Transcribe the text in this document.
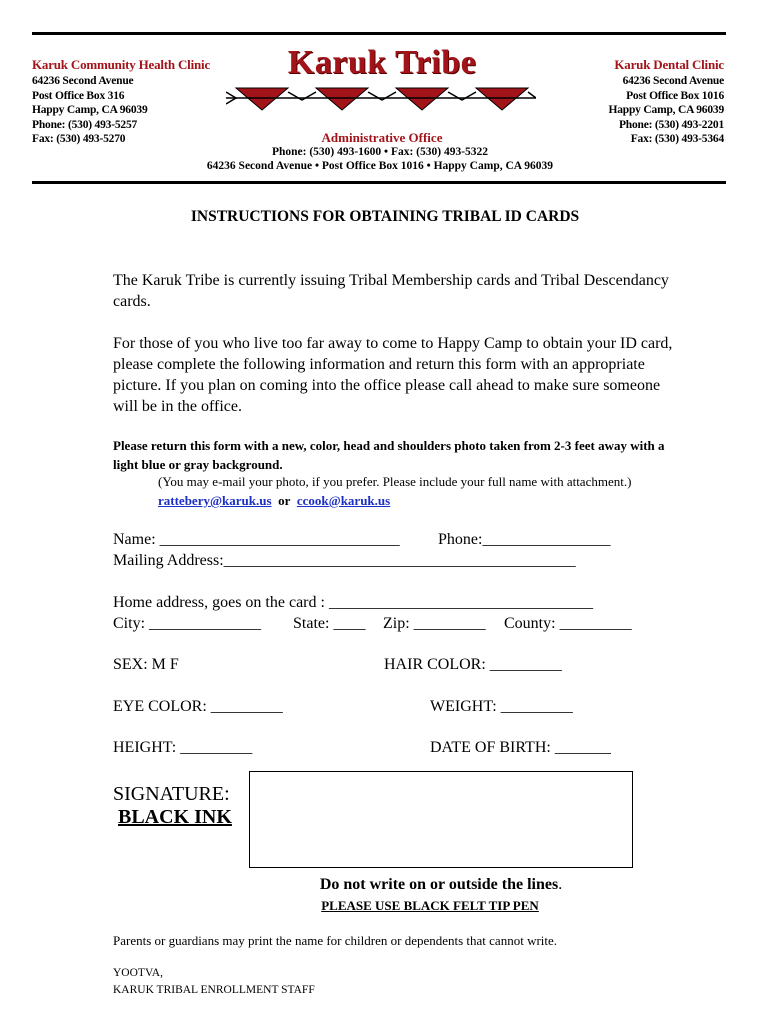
Karuk Community Health Clinic
64236 Second Avenue
Post Office Box 316
Happy Camp, CA 96039
Phone: (530) 493-5257
Fax: (530) 493-5270
Karuk Tribe
Administrative Office
Phone: (530) 493-1600 • Fax: (530) 493-5322
64236 Second Avenue • Post Office Box 1016 • Happy Camp, CA 96039
Karuk Dental Clinic
64236 Second Avenue
Post Office Box 1016
Happy Camp, CA 96039
Phone: (530) 493-2201
Fax: (530) 493-5364
INSTRUCTIONS FOR OBTAINING TRIBAL ID CARDS
The Karuk Tribe is currently issuing Tribal Membership cards and Tribal Descendancy cards.
For those of you who live too far away to come to Happy Camp to obtain your ID card, please complete the following information and return this form with an appropriate picture. If you plan on coming into the office please call ahead to make sure someone will be in the office.
Please return this form with a new, color, head and shoulders photo taken from 2-3 feet away with a light blue or gray background.
(You may e-mail your photo, if you prefer. Please include your full name with attachment.)        rattebery@karuk.us or ccook@karuk.us
Name: ______________________________ Phone:________________
Mailing Address:____________________________________________
Home address, goes on the card : _________________________________
City: ______________ State: ____ Zip: _________ County: _________
SEX: M F	HAIR COLOR: _________
EYE COLOR: _________	WEIGHT: _________
HEIGHT: _________	DATE OF BIRTH: _______
SIGNATURE:
BLACK INK
Do not write on or outside the lines.
PLEASE USE BLACK FELT TIP PEN
Parents or guardians may print the name for children or dependents that cannot write.
YOOTVA,
KARUK TRIBAL ENROLLMENT STAFF
